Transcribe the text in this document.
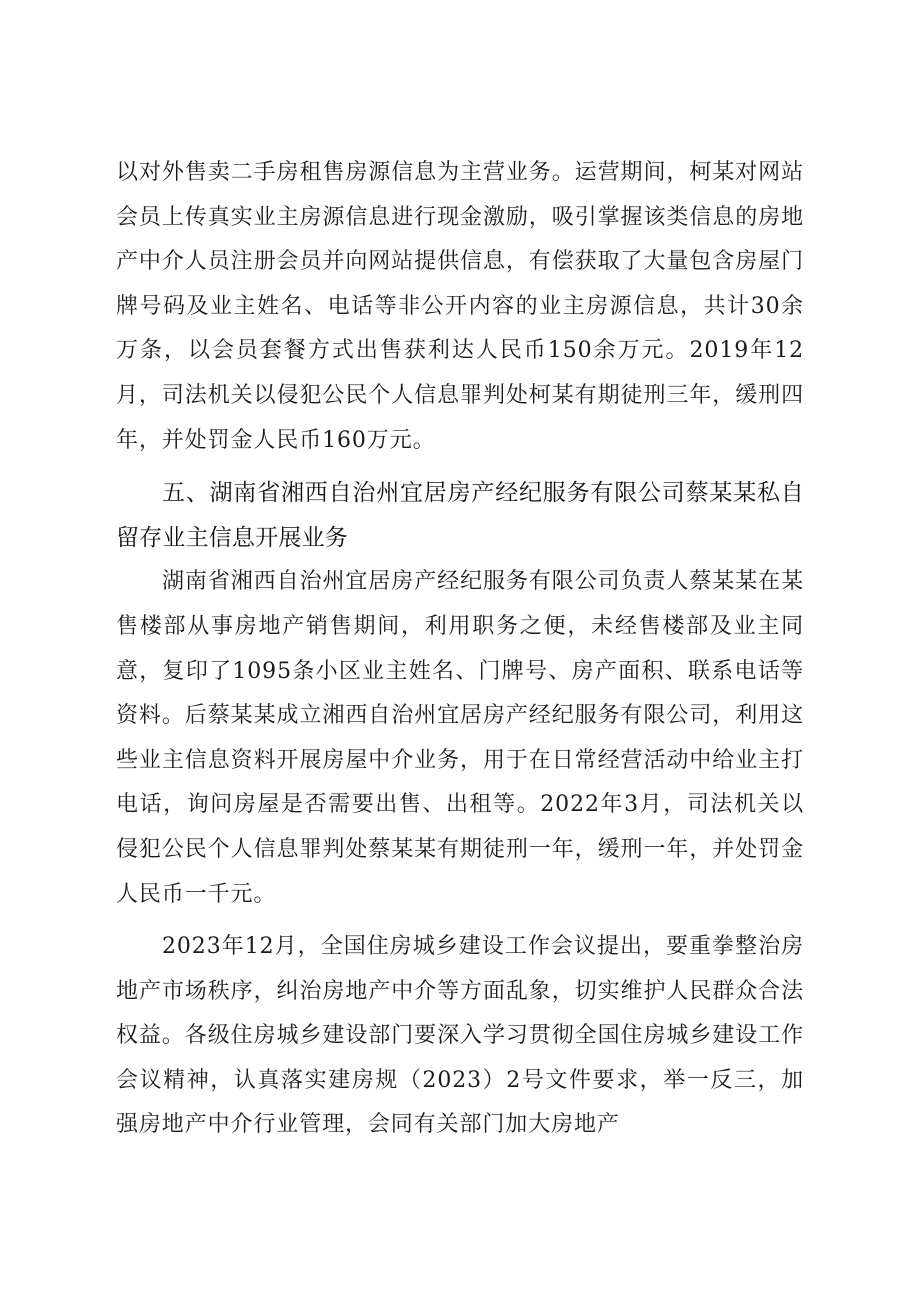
以对外售卖二手房租售房源信息为主营业务。运营期间，柯某对网站会员上传真实业主房源信息进行现金激励，吸引掌握该类信息的房地产中介人员注册会员并向网站提供信息，有偿获取了大量包含房屋门牌号码及业主姓名、电话等非公开内容的业主房源信息，共计30余万条，以会员套餐方式出售获利达人民币150余万元。2019年12月，司法机关以侵犯公民个人信息罪判处柯某有期徒刑三年，缓刑四年，并处罚金人民币160万元。

五、湖南省湘西自治州宜居房产经纪服务有限公司蔡某某私自留存业主信息开展业务

湖南省湘西自治州宜居房产经纪服务有限公司负责人蔡某某在某售楼部从事房地产销售期间，利用职务之便，未经售楼部及业主同意，复印了1095条小区业主姓名、门牌号、房产面积、联系电话等资料。后蔡某某成立湘西自治州宜居房产经纪服务有限公司，利用这些业主信息资料开展房屋中介业务，用于在日常经营活动中给业主打电话，询问房屋是否需要出售、出租等。2022年3月，司法机关以侵犯公民个人信息罪判处蔡某某有期徒刑一年，缓刑一年，并处罚金人民币一千元。

2023年12月，全国住房城乡建设工作会议提出，要重拳整治房地产市场秩序，纠治房地产中介等方面乱象，切实维护人民群众合法权益。各级住房城乡建设部门要深入学习贯彻全国住房城乡建设工作会议精神，认真落实建房规（2023）2号文件要求，举一反三，加强房地产中介行业管理，会同有关部门加大房地产
